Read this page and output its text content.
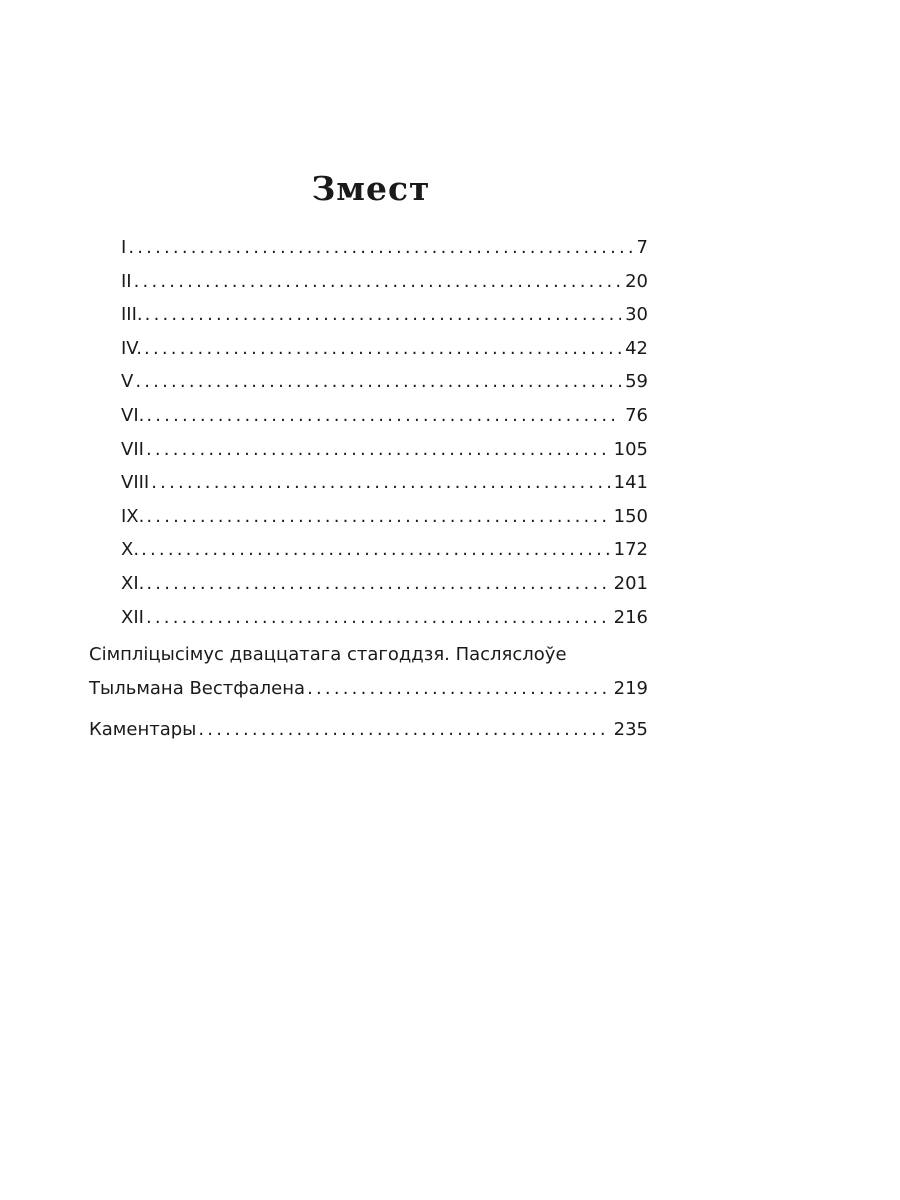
Змест
I .....	7
II .....	20
III. .....	30
IV. .....	42
V .....	59
VI. .....	76
VII .....	105
VIII .....	141
IX. .....	150
X. .....	172
XI. .....	201
XII .....	216
Сімпліцысімус дваццатага стагоддзя. Пасляслоўе
Тыльмана Вестфалена .....	219
Каментары .....	235
